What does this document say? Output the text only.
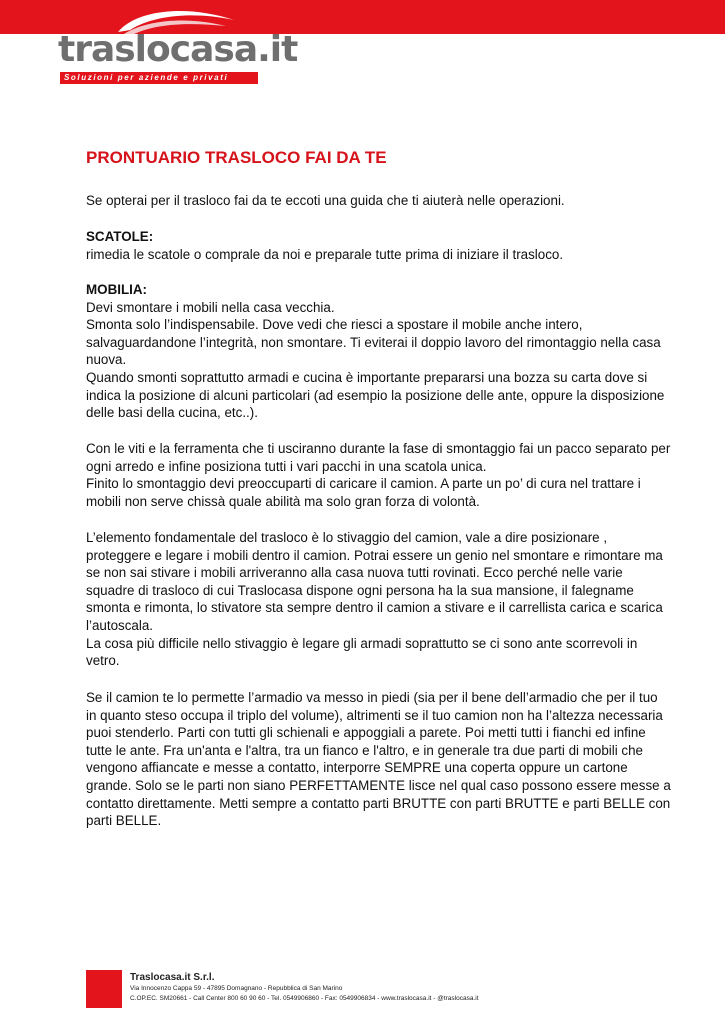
traslocasa.it
Soluzioni per aziende e privati
PRONTUARIO TRASLOCO FAI DA TE

Se opterai per il trasloco fai da te eccoti una guida che ti aiuterà nelle operazioni.

SCATOLE:
rimedia le scatole o comprale da noi e preparale tutte prima di iniziare il trasloco.

MOBILIA:
Devi smontare i mobili nella casa vecchia.
Smonta solo l’indispensabile. Dove vedi che riesci a spostare il mobile anche intero,
salvaguardandone l’integrità, non smontare. Ti eviterai il doppio lavoro del rimontaggio nella casa
nuova.
Quando smonti soprattutto armadi e cucina è importante prepararsi una bozza su carta dove si
indica la posizione di alcuni particolari (ad esempio la posizione delle ante, oppure la disposizione
delle basi della cucina, etc..).

Con le viti e la ferramenta che ti usciranno durante la fase di smontaggio fai un pacco separato per
ogni arredo e infine posiziona tutti i vari pacchi in una scatola unica.
Finito lo smontaggio devi preoccuparti di caricare il camion. A parte un po’ di cura nel trattare i
mobili non serve chissà quale abilità ma solo gran forza di volontà.

L’elemento fondamentale del trasloco è lo stivaggio del camion, vale a dire posizionare ,
proteggere e legare i mobili dentro il camion. Potrai essere un genio nel smontare e rimontare ma
se non sai stivare i mobili arriveranno alla casa nuova tutti rovinati. Ecco perché nelle varie
squadre di trasloco di cui Traslocasa dispone ogni persona ha la sua mansione, il falegname
smonta e rimonta, lo stivatore sta sempre dentro il camion a stivare e il carrellista carica e scarica
l’autoscala.
La cosa più difficile nello stivaggio è legare gli armadi soprattutto se ci sono ante scorrevoli in
vetro.

Se il camion te lo permette l’armadio va messo in piedi (sia per il bene dell’armadio che per il tuo
in quanto steso occupa il triplo del volume), altrimenti se il tuo camion non ha l’altezza necessaria
puoi stenderlo. Parti con tutti gli schienali e appoggiali a parete. Poi metti tutti i fianchi ed infine
tutte le ante. Fra un'anta e l'altra, tra un fianco e l'altro, e in generale tra due parti di mobili che
vengono affiancate e messe a contatto, interporre SEMPRE una coperta oppure un cartone
grande. Solo se le parti non siano PERFETTAMENTE lisce nel qual caso possono essere messe a
contatto direttamente. Metti sempre a contatto parti BRUTTE con parti BRUTTE e parti BELLE con
parti BELLE.

Traslocasa.it S.r.l.
Via Innocenzo Cappa 59 - 47895 Domagnano - Repubblica di San Marino
C.OP.EC. SM20661 - Call Center 800 60 90 60 - Tel. 0549906860 - Fax: 0549906834 - www.traslocasa.it - @traslocasa.it
